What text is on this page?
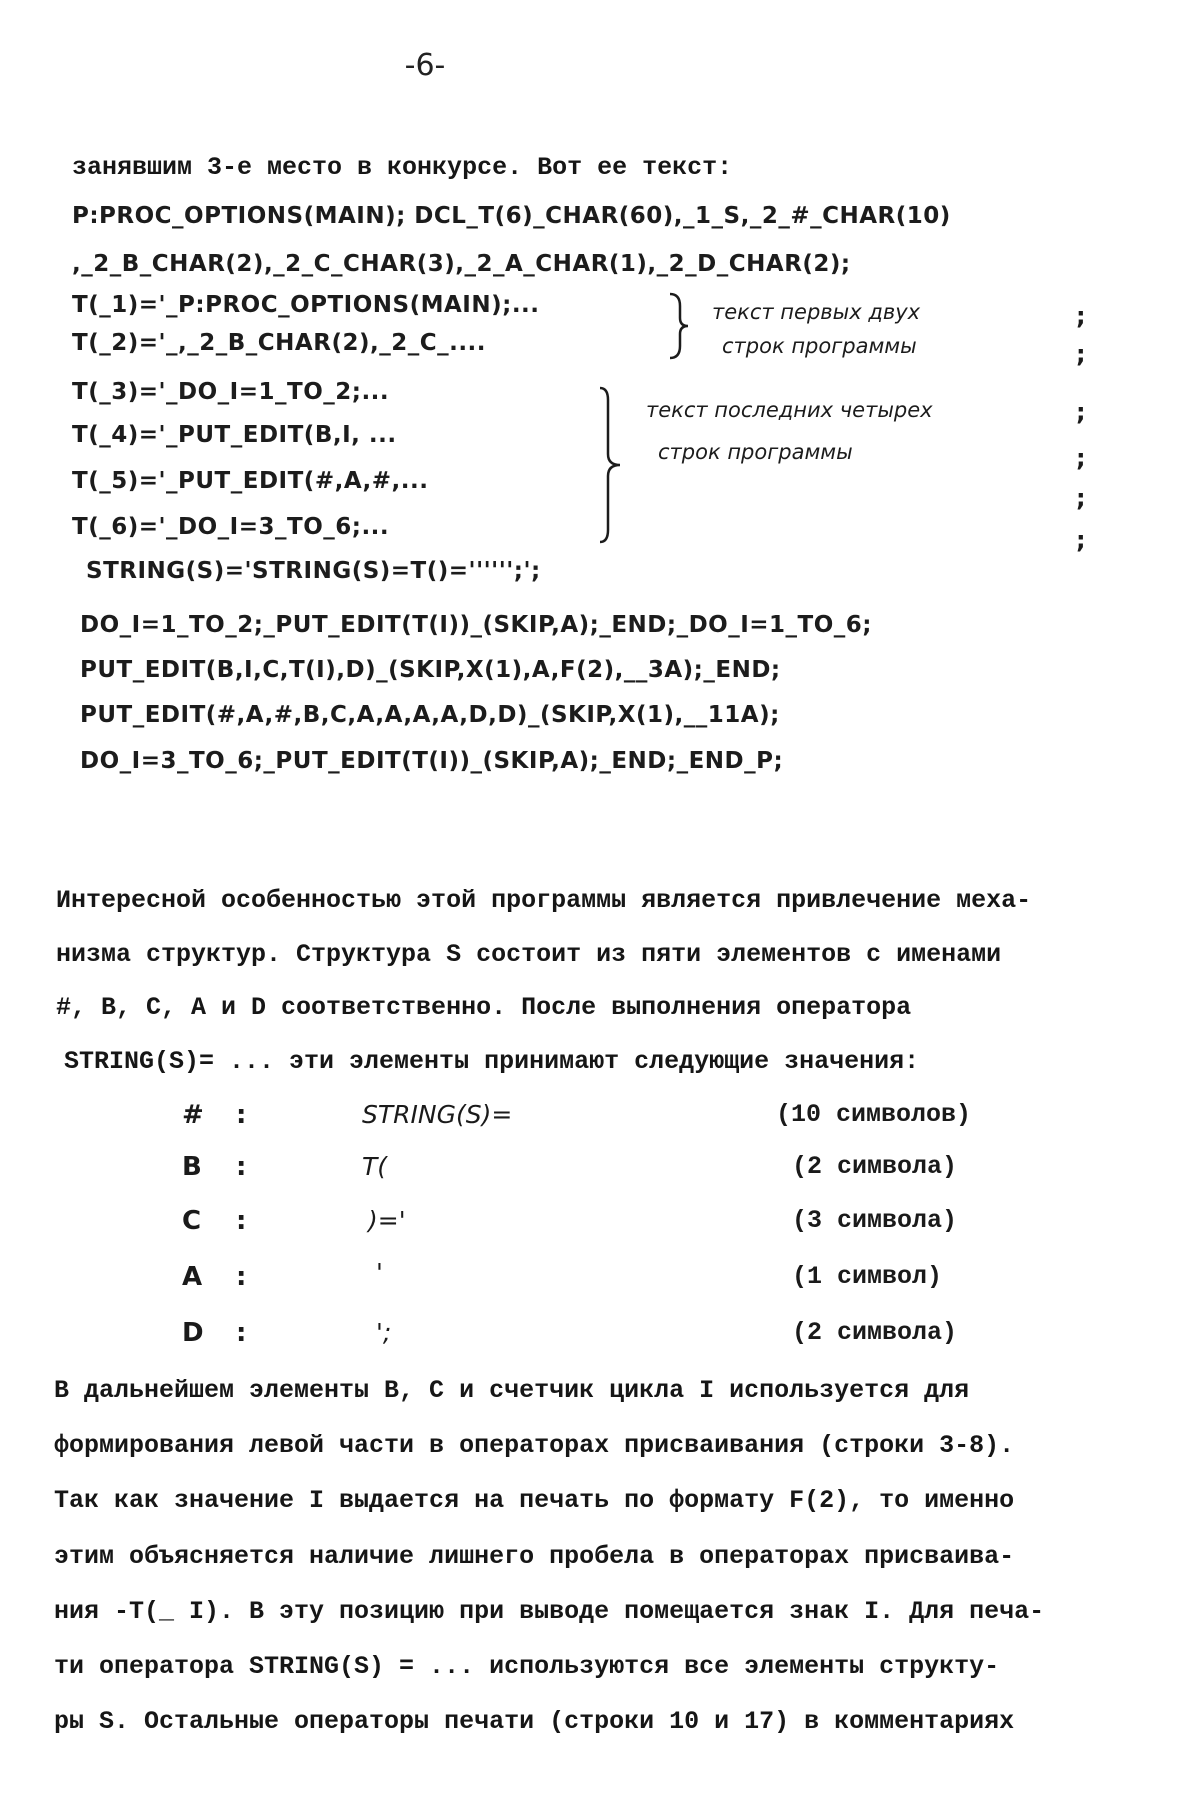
-6-
занявшим 3-е место в конкурсе. Вот ее текст:
P:PROC_OPTIONS(MAIN); DCL_T(6)_CHAR(60),_1_S,_2_#_CHAR(10)
,_2_B_CHAR(2),_2_C_CHAR(3),_2_A_CHAR(1),_2_D_CHAR(2);
T(_1)='_P:PROC_OPTIONS(MAIN);...
T(_2)='_,_2_B_CHAR(2),_2_C_....
T(_3)='_DO_I=1_TO_2;...
T(_4)='_PUT_EDIT(B,I, ...
T(_5)='_PUT_EDIT(#,A,#,...
T(_6)='_DO_I=3_TO_6;...
STRING(S)='STRING(S)=T()='''''';';
DO_I=1_TO_2;_PUT_EDIT(T(I))_(SKIP,A);_END;_DO_I=1_TO_6;
PUT_EDIT(B,I,C,T(I),D)_(SKIP,X(1),A,F(2),__3A);_END;
PUT_EDIT(#,A,#,B,C,A,A,A,A,D,D)_(SKIP,X(1),__11A);
DO_I=3_TO_6;_PUT_EDIT(T(I))_(SKIP,A);_END;_END_P;
текст первых двух
строк программы
текст последних четырех
строк программы
;
;
;
;
;
;
Интересной особенностью этой программы является привлечение меха-
низма структур. Структура S состоит из пяти элементов с именами
#, B, C, A и D соответственно. После выполнения оператора
STRING(S)= ... эти элементы принимают следующие значения:
# :	STRING(S)=	(10 символов)
B :	T(	(2 символа)
C :	)='	(3 символа)
A :	'	(1 символ)
D :	';	(2 символа)
В дальнейшем элементы B, C и счетчик цикла I используется для
формирования левой части в операторах присваивания (строки 3-8).
Так как значение I выдается на печать по формату F(2), то именно
этим объясняется наличие лишнего пробела в операторах присваива-
ния -T(_ I). В эту позицию при выводе помещается знак I. Для печа-
ти оператора STRING(S) = ... используются все элементы структу-
ры S. Остальные операторы печати (строки 10 и 17) в комментариях
